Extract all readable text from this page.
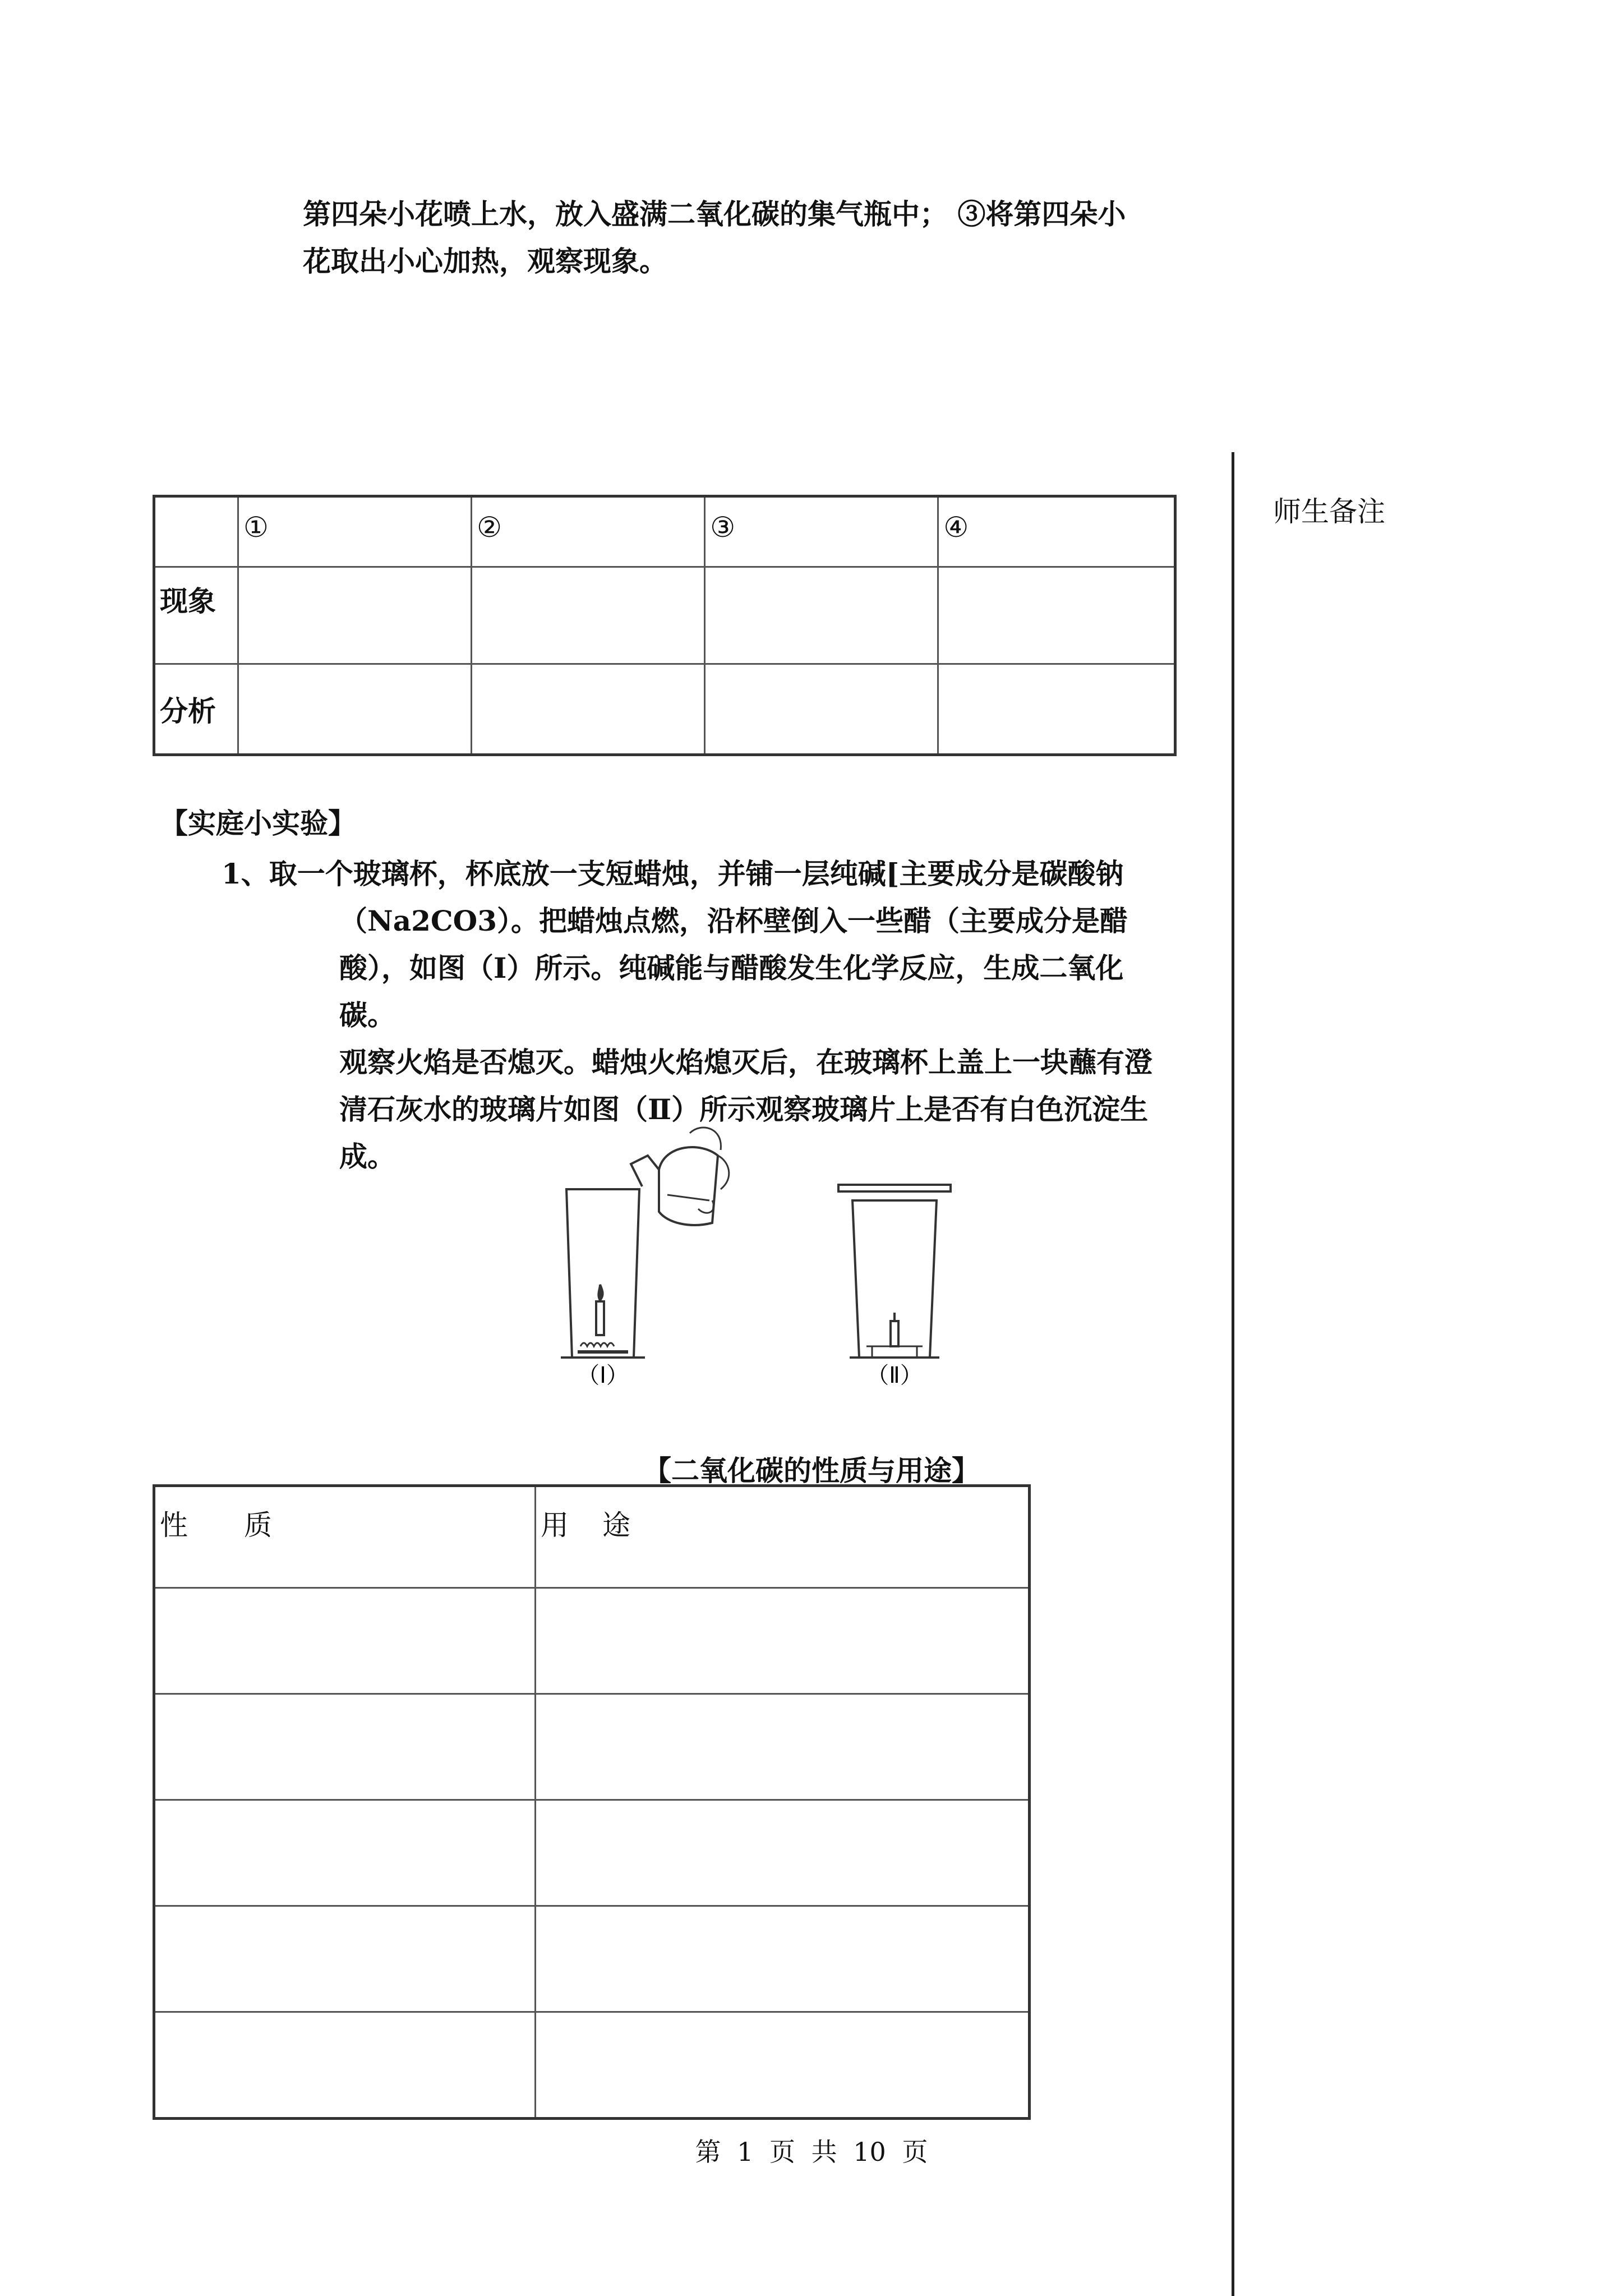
第四朵小花喷上水，放入盛满二氧化碳的集气瓶中； ③将第四朵小
花取出小心加热，观察现象。
师生备注
	①	②	③	④
现象				
分析				
【实庭小实验】
1、取一个玻璃杯，杯底放一支短蜡烛，并铺一层纯碱[主要成分是碳酸钠
（Na2CO3）。把蜡烛点燃，沿杯壁倒入一些醋（主要成分是醋
酸），如图（I）所示。纯碱能与醋酸发生化学反应，生成二氧化碳。
观察火焰是否熄灭。蜡烛火焰熄灭后，在玻璃杯上盖上一块蘸有澄
清石灰水的玻璃片如图（Ⅱ）所示观察玻璃片上是否有白色沉淀生
成。
（Ⅰ）	（Ⅱ）
【二氧化碳的性质与用途】
性质	用途

第 1 页 共 10 页
